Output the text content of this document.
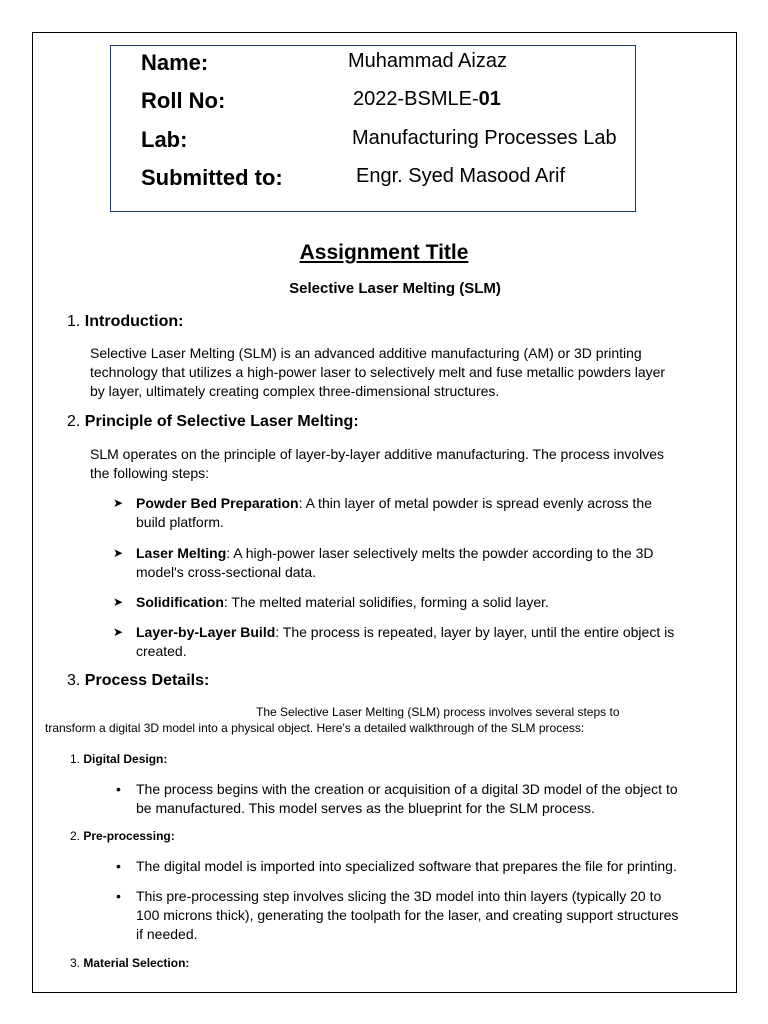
Name:	Muhammad Aizaz
Roll No:	2022-BSMLE-01
Lab:	Manufacturing Processes Lab
Submitted to:	Engr. Syed Masood Arif
Assignment Title
Selective Laser Melting (SLM)
1. Introduction:
Selective Laser Melting (SLM) is an advanced additive manufacturing (AM) or 3D printing
technology that utilizes a high-power laser to selectively melt and fuse metallic powders layer
by layer, ultimately creating complex three-dimensional structures.
2. Principle of Selective Laser Melting:
SLM operates on the principle of layer-by-layer additive manufacturing. The process involves
the following steps:
➤ Powder Bed Preparation: A thin layer of metal powder is spread evenly across the
build platform.
➤ Laser Melting: A high-power laser selectively melts the powder according to the 3D
model's cross-sectional data.
➤ Solidification: The melted material solidifies, forming a solid layer.
➤ Layer-by-Layer Build: The process is repeated, layer by layer, until the entire object is
created.
3. Process Details:
The Selective Laser Melting (SLM) process involves several steps to
transform a digital 3D model into a physical object. Here's a detailed walkthrough of the SLM process:
1. Digital Design:
• The process begins with the creation or acquisition of a digital 3D model of the object to
be manufactured. This model serves as the blueprint for the SLM process.
2. Pre-processing:
• The digital model is imported into specialized software that prepares the file for printing.
• This pre-processing step involves slicing the 3D model into thin layers (typically 20 to
100 microns thick), generating the toolpath for the laser, and creating support structures
if needed.
3. Material Selection:
